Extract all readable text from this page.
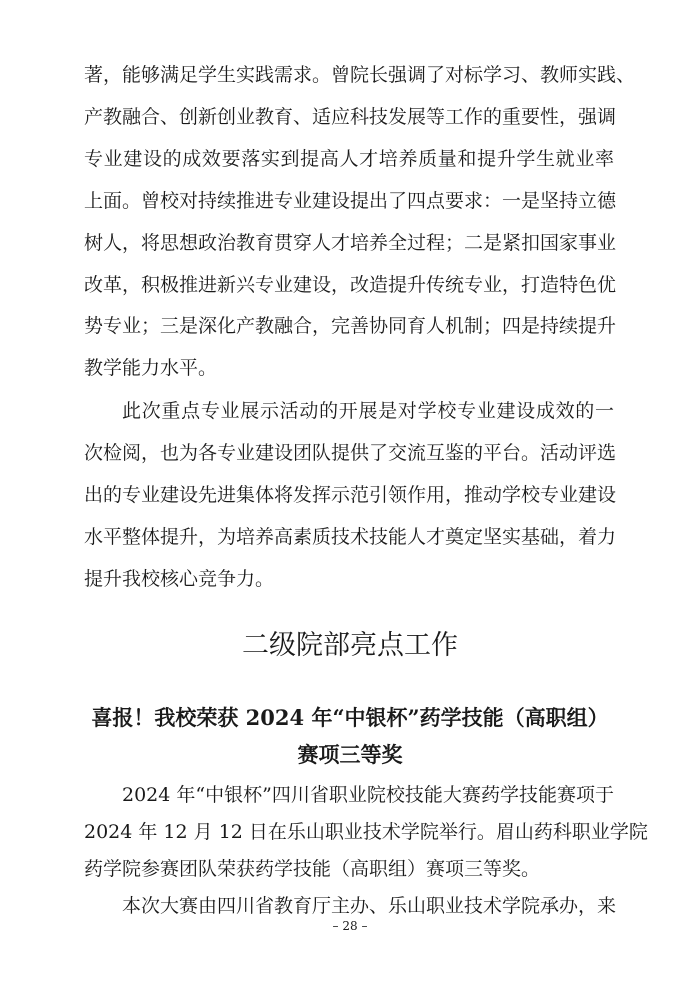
著，能够满足学生实践需求。曾院长强调了对标学习、教师实践、

产教融合、创新创业教育、适应科技发展等工作的重要性，强调

专业建设的成效要落实到提高人才培养质量和提升学生就业率

上面。曾校对持续推进专业建设提出了四点要求：一是坚持立德

树人，将思想政治教育贯穿人才培养全过程；二是紧扣国家事业

改革，积极推进新兴专业建设，改造提升传统专业，打造特色优

势专业；三是深化产教融合，完善协同育人机制；四是持续提升

教学能力水平。

此次重点专业展示活动的开展是对学校专业建设成效的一

次检阅，也为各专业建设团队提供了交流互鉴的平台。活动评选

出的专业建设先进集体将发挥示范引领作用，推动学校专业建设

水平整体提升，为培养高素质技术技能人才奠定坚实基础，着力

提升我校核心竞争力。

二级院部亮点工作
喜报！我校荣获 2024 年“中银杯”药学技能（高职组）
赛项三等奖

2024 年“中银杯”四川省职业院校技能大赛药学技能赛项于

2024 年 12 月 12 日在乐山职业技术学院举行。眉山药科职业学院

药学院参赛团队荣获药学技能（高职组）赛项三等奖。

本次大赛由四川省教育厅主办、乐山职业技术学院承办，来

– 28 –
